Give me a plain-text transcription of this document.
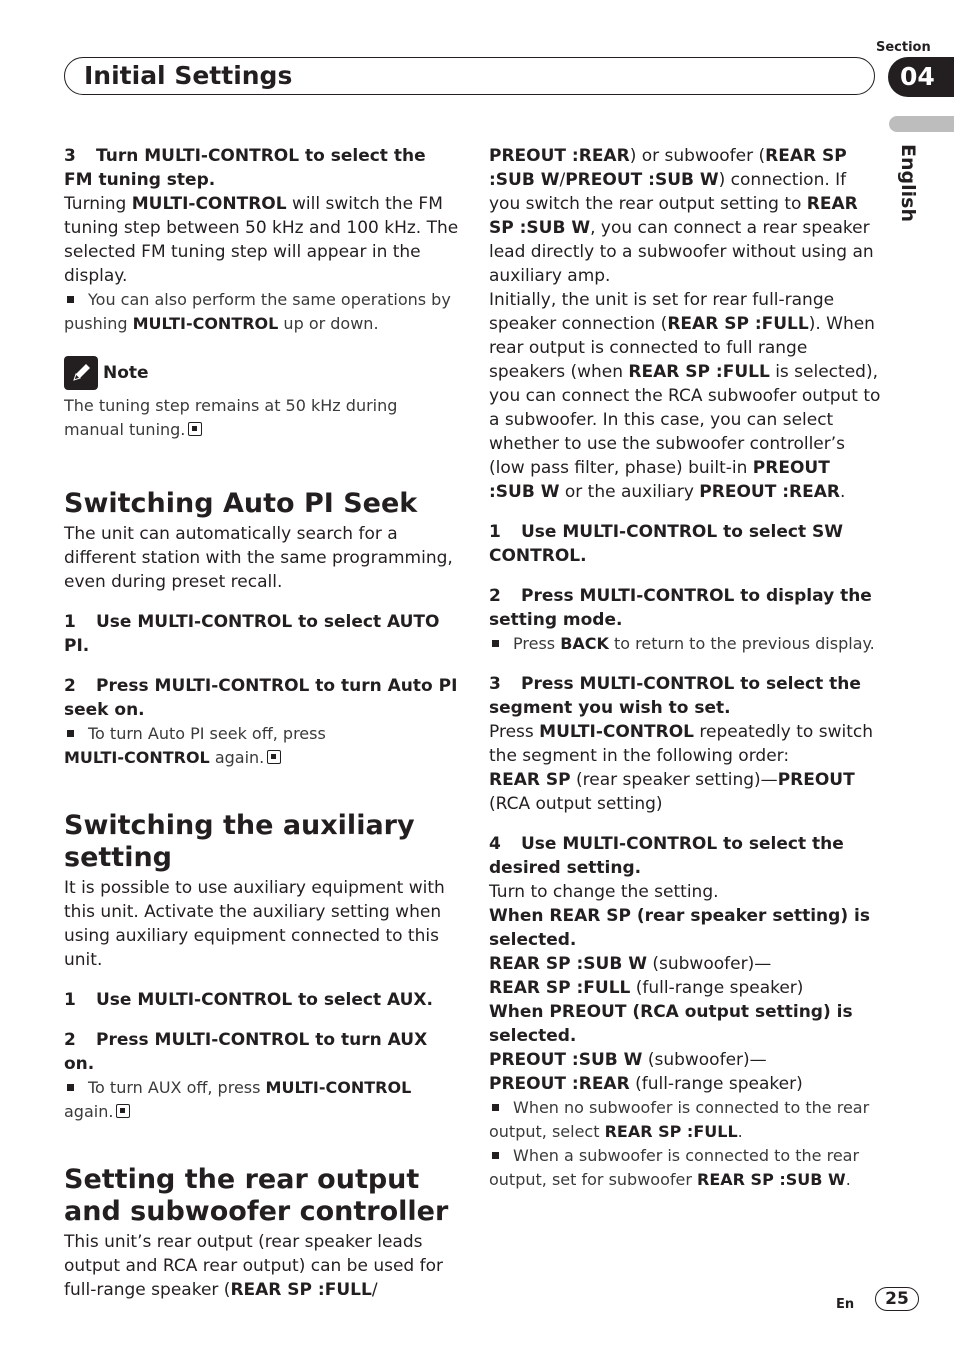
Initial Settings
Section
04
English

3 Turn MULTI-CONTROL to select the FM tuning step.

Turning MULTI-CONTROL will switch the FM tuning step between 50 kHz and 100 kHz. The selected FM tuning step will appear in the display.

You can also perform the same operations by pushing MULTI-CONTROL up or down.

Note

The tuning step remains at 50 kHz during manual tuning.

Switching Auto PI Seek

The unit can automatically search for a different station with the same programming, even during preset recall.

1 Use MULTI-CONTROL to select AUTO PI.

2 Press MULTI-CONTROL to turn Auto PI seek on.

To turn Auto PI seek off, press
MULTI-CONTROL again.

Switching the auxiliary setting

It is possible to use auxiliary equipment with this unit. Activate the auxiliary setting when using auxiliary equipment connected to this unit.

1 Use MULTI-CONTROL to select AUX.

2 Press MULTI-CONTROL to turn AUX on.

To turn AUX off, press MULTI-CONTROL
again.

Setting the rear output and subwoofer controller

This unit’s rear output (rear speaker leads output and RCA rear output) can be used for full-range speaker (REAR SP :FULL/

PREOUT :REAR) or subwoofer (REAR SP :SUB W/PREOUT :SUB W) connection. If you switch the rear output setting to REAR SP :SUB W, you can connect a rear speaker lead directly to a subwoofer without using an auxiliary amp.

Initially, the unit is set for rear full-range speaker connection (REAR SP :FULL). When rear output is connected to full range speakers (when REAR SP :FULL is selected), you can connect the RCA subwoofer output to a subwoofer. In this case, you can select whether to use the subwoofer controller’s (low pass filter, phase) built-in PREOUT :SUB W or the auxiliary PREOUT :REAR.

1 Use MULTI-CONTROL to select SW CONTROL.

2 Press MULTI-CONTROL to display the setting mode.

Press BACK to return to the previous display.

3 Press MULTI-CONTROL to select the segment you wish to set.

Press MULTI-CONTROL repeatedly to switch the segment in the following order:

REAR SP (rear speaker setting)—PREOUT
(RCA output setting)

4 Use MULTI-CONTROL to select the desired setting.

Turn to change the setting.

When REAR SP (rear speaker setting) is selected.

REAR SP :SUB W (subwoofer)—
REAR SP :FULL (full-range speaker)

When PREOUT (RCA output setting) is selected.

PREOUT :SUB W (subwoofer)—
PREOUT :REAR (full-range speaker)

When no subwoofer is connected to the rear output, select REAR SP :FULL.

When a subwoofer is connected to the rear output, set for subwoofer REAR SP :SUB W.

En	25
